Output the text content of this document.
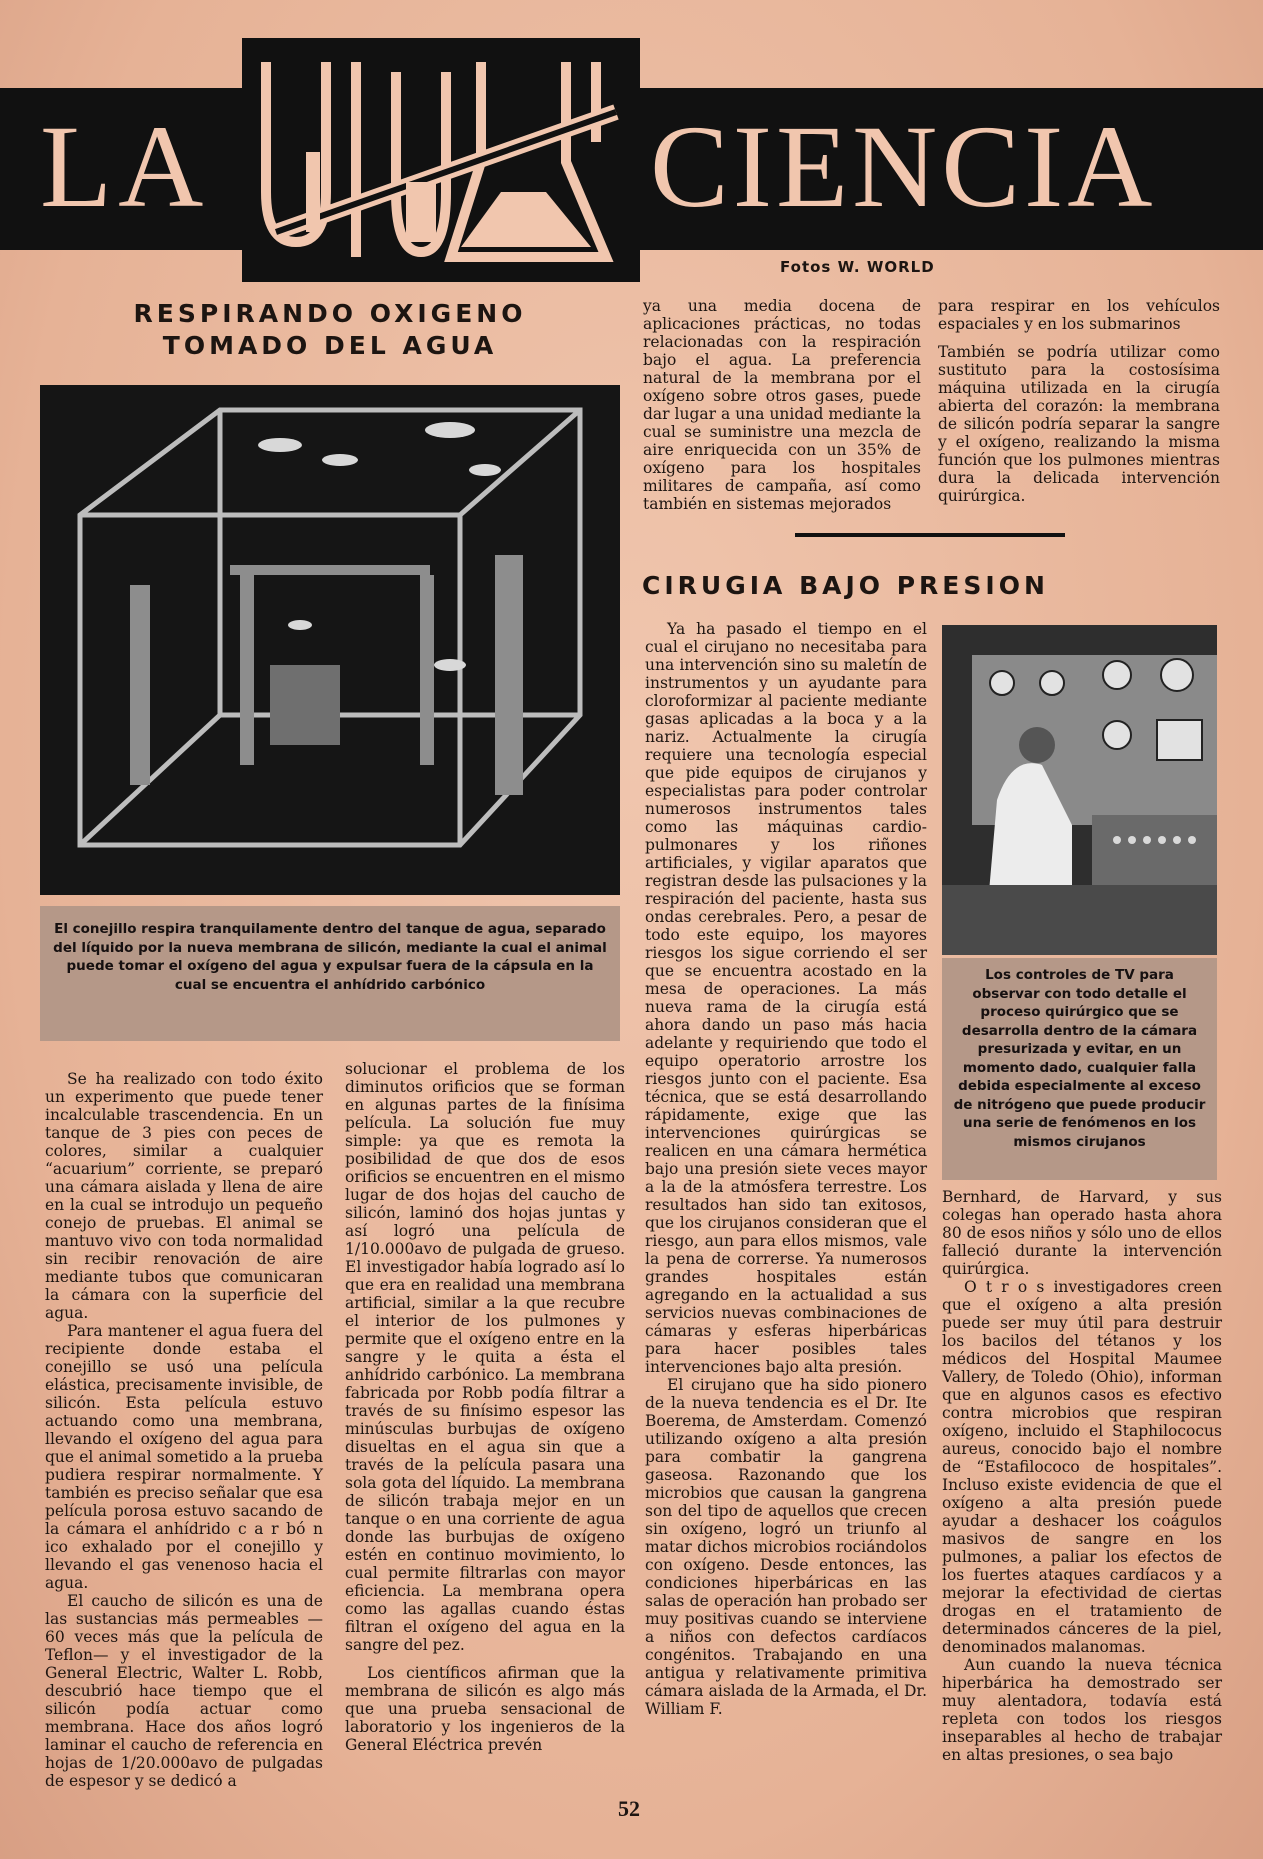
LA	CIENCIA
Fotos W. WORLD
RESPIRANDO OXIGENO
TOMADO DEL AGUA
El conejillo respira tranquilamente dentro del tanque de agua, separado del líquido por la nueva membrana de silicón, mediante la cual el animal puede tomar el oxígeno del agua y expulsar fuera de la cápsula en la cual se encuentra el anhídrido carbónico

Se ha realizado con todo éxito un experimento que puede tener incalculable trascendencia. En un tanque de 3 pies con peces de colores, similar a cualquier “acuarium” corriente, se preparó una cámara aislada y llena de aire en la cual se introdujo un pequeño conejo de pruebas. El animal se mantuvo vivo con toda normalidad sin recibir renovación de aire mediante tubos que comunicaran la cámara con la superficie del agua.

Para mantener el agua fuera del recipiente donde estaba el conejillo se usó una película elástica, precisamente invisible, de silicón. Esta película estuvo actuando como una membrana, llevando el oxígeno del agua para que el animal sometido a la prueba pudiera respirar normalmente. Y también es preciso señalar que esa película porosa estuvo sacando de la cámara el anhídrido c a r bó n ico exhalado por el conejillo y llevando el gas venenoso hacia el agua.

El caucho de silicón es una de las sustancias más permeables —60 veces más que la película de Teflon— y el investigador de la General Electric, Walter L. Robb, descubrió hace tiempo que el silicón podía actuar como membrana. Hace dos años logró laminar el caucho de referencia en hojas de 1/20.000avo de pulgadas de espesor y se dedicó a

solucionar el problema de los diminutos orificios que se forman en algunas partes de la finísima película. La solución fue muy simple: ya que es remota la posibilidad de que dos de esos orificios se encuentren en el mismo lugar de dos hojas del caucho de silicón, laminó dos hojas juntas y así logró una película de 1/10.000avo de pulgada de grueso. El investigador había logrado así lo que era en realidad una membrana artificial, similar a la que recubre el interior de los pulmones y permite que el oxígeno entre en la sangre y le quita a ésta el anhídrido carbónico. La membrana fabricada por Robb podía filtrar a través de su finísimo espesor las minúsculas burbujas de oxígeno disueltas en el agua sin que a través de la película pasara una sola gota del líquido. La membrana de silicón trabaja mejor en un tanque o en una corriente de agua donde las burbujas de oxígeno estén en continuo movimiento, lo cual permite filtrarlas con mayor eficiencia. La membrana opera como las agallas cuando éstas filtran el oxígeno del agua en la sangre del pez.

Los científicos afirman que la membrana de silicón es algo más que una prueba sensacional de laboratorio y los ingenieros de la General Eléctrica prevén

ya una media docena de aplicaciones prácticas, no todas relacionadas con la respiración bajo el agua. La preferencia natural de la membrana por el oxígeno sobre otros gases, puede dar lugar a una unidad mediante la cual se suministre una mezcla de aire enriquecida con un 35% de oxígeno para los hospitales militares de campaña, así como también en sistemas mejorados

para respirar en los vehículos espaciales y en los submarinos

También se podría utilizar como sustituto para la costosísima máquina utilizada en la cirugía abierta del corazón: la membrana de silicón podría separar la sangre y el oxígeno, realizando la misma función que los pulmones mientras dura la delicada intervención quirúrgica.

CIRUGIA BAJO PRESION

Ya ha pasado el tiempo en el cual el cirujano no necesitaba para una intervención sino su maletín de instrumentos y un ayudante para cloroformizar al paciente mediante gasas aplicadas a la boca y a la nariz. Actualmente la cirugía requiere una tecnología especial que pide equipos de cirujanos y especialistas para poder controlar numerosos instrumentos tales como las máquinas cardio-pulmonares y los riñones artificiales, y vigilar aparatos que registran desde las pulsaciones y la respiración del paciente, hasta sus ondas cerebrales. Pero, a pesar de todo este equipo, los mayores riesgos los sigue corriendo el ser que se encuentra acostado en la mesa de operaciones. La más nueva rama de la cirugía está ahora dando un paso más hacia adelante y requiriendo que todo el equipo operatorio arrostre los riesgos junto con el paciente. Esa técnica, que se está desarrollando rápidamente, exige que las intervenciones quirúrgicas se realicen en una cámara hermética bajo una presión siete veces mayor a la de la atmósfera terrestre. Los resultados han sido tan exitosos, que los cirujanos consideran que el riesgo, aun para ellos mismos, vale la pena de correrse. Ya numerosos grandes hospitales están agregando en la actualidad a sus servicios nuevas combinaciones de cámaras y esferas hiperbáricas para hacer posibles tales intervenciones bajo alta presión.

El cirujano que ha sido pionero de la nueva tendencia es el Dr. Ite Boerema, de Amsterdam. Comenzó utilizando oxígeno a alta presión para combatir la gangrena gaseosa. Razonando que los microbios que causan la gangrena son del tipo de aquellos que crecen sin oxígeno, logró un triunfo al matar dichos microbios rociándolos con oxígeno. Desde entonces, las condiciones hiperbáricas en las salas de operación han probado ser muy positivas cuando se interviene a niños con defectos cardíacos congénitos. Trabajando en una antigua y relativamente primitiva cámara aislada de la Armada, el Dr. William F.

Los controles de TV para observar con todo detalle el proceso quirúrgico que se desarrolla dentro de la cámara presurizada y evitar, en un momento dado, cualquier falla debida especialmente al exceso de nitrógeno que puede producir una serie de fenómenos en los mismos cirujanos

Bernhard, de Harvard, y sus colegas han operado hasta ahora 80 de esos niños y sólo uno de ellos falleció durante la intervención quirúrgica.

O t r o s investigadores creen que el oxígeno a alta presión puede ser muy útil para destruir los bacilos del tétanos y los médicos del Hospital Maumee Vallery, de Toledo (Ohio), informan que en algunos casos es efectivo contra microbios que respiran oxígeno, incluido el Staphilococus aureus, conocido bajo el nombre de “Estafilococo de hospitales”. Incluso existe evidencia de que el oxígeno a alta presión puede ayudar a deshacer los coágulos masivos de sangre en los pulmones, a paliar los efectos de los fuertes ataques cardíacos y a mejorar la efectividad de ciertas drogas en el tratamiento de determinados cánceres de la piel, denominados malanomas.

Aun cuando la nueva técnica hiperbárica ha demostrado ser muy alentadora, todavía está repleta con todos los riesgos inseparables al hecho de trabajar en altas presiones, o sea bajo

52
